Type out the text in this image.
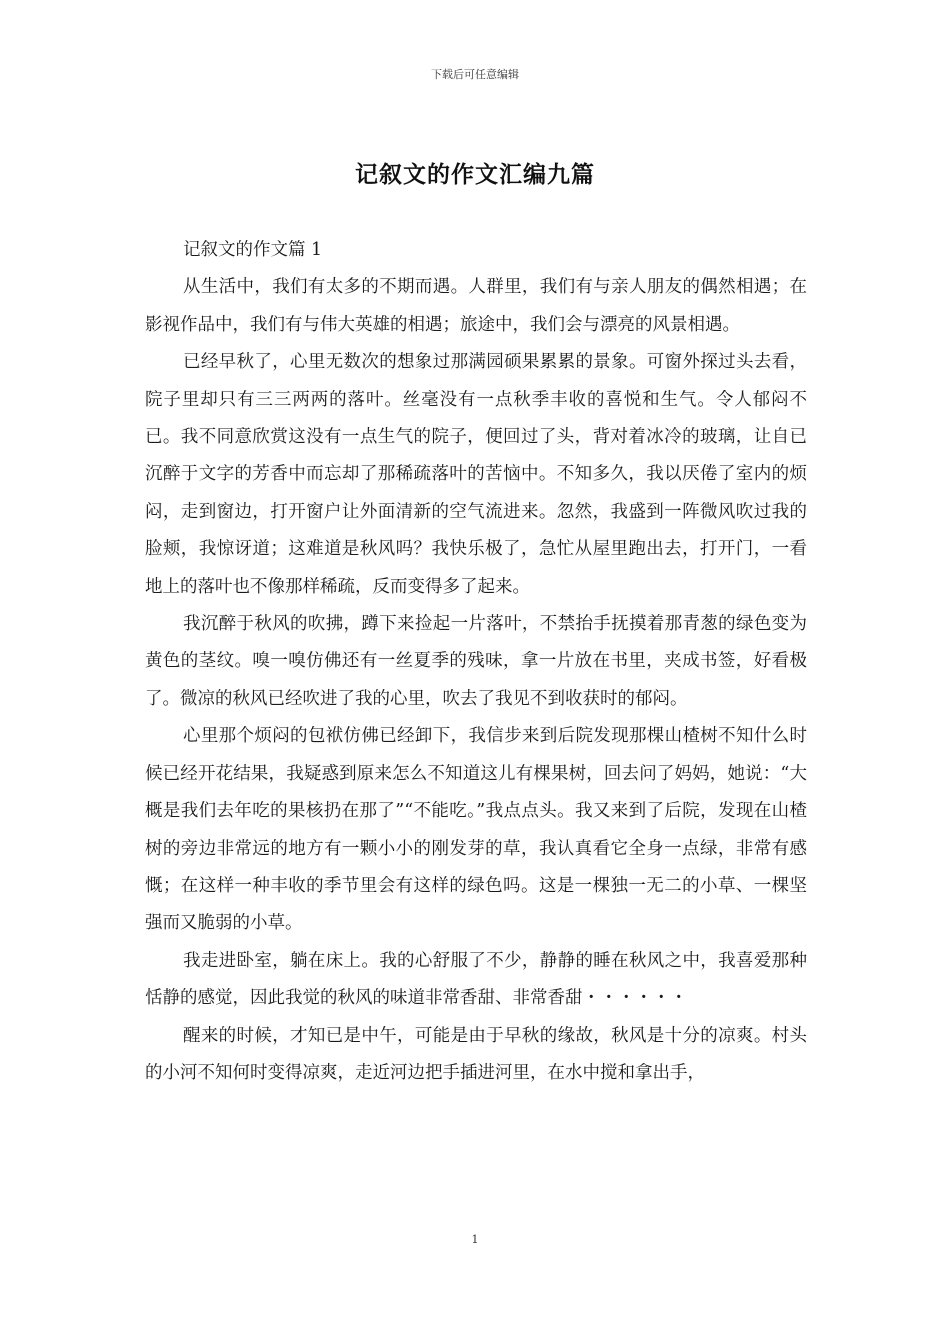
下载后可任意编辑
记叙文的作文汇编九篇

记叙文的作文篇 1

从生活中，我们有太多的不期而遇。人群里，我们有与亲人朋友的偶然相遇；在影视作品中，我们有与伟大英雄的相遇；旅途中，我们会与漂亮的风景相遇。

已经早秋了，心里无数次的想象过那满园硕果累累的景象。可窗外探过头去看，院子里却只有三三两两的落叶。丝毫没有一点秋季丰收的喜悦和生气。令人郁闷不已。我不同意欣赏这没有一点生气的院子，便回过了头，背对着冰冷的玻璃，让自已沉醉于文字的芳香中而忘却了那稀疏落叶的苦恼中。不知多久，我以厌倦了室内的烦闷，走到窗边，打开窗户让外面清新的空气流进来。忽然，我盛到一阵微风吹过我的脸颊，我惊讶道；这难道是秋风吗？我快乐极了，急忙从屋里跑出去，打开门，一看地上的落叶也不像那样稀疏，反而变得多了起来。

我沉醉于秋风的吹拂，蹲下来捡起一片落叶，不禁抬手抚摸着那青葱的绿色变为黄色的茎纹。嗅一嗅仿佛还有一丝夏季的残味，拿一片放在书里，夹成书签，好看极了。微凉的秋风已经吹进了我的心里，吹去了我见不到收获时的郁闷。

心里那个烦闷的包袱仿佛已经卸下，我信步来到后院发现那棵山楂树不知什么时候已经开花结果，我疑惑到原来怎么不知道这儿有棵果树，回去问了妈妈，她说：“大概是我们去年吃的果核扔在那了”“不能吃。”我点点头。我又来到了后院，发现在山楂树的旁边非常远的地方有一颗小小的刚发芽的草，我认真看它全身一点绿，非常有感慨；在这样一种丰收的季节里会有这样的绿色吗。这是一棵独一无二的小草、一棵坚强而又脆弱的小草。

我走进卧室，躺在床上。我的心舒服了不少，静静的睡在秋风之中，我喜爱那种恬静的感觉，因此我觉的秋风的味道非常香甜、非常香甜・・・・・・

醒来的时候，才知已是中午，可能是由于早秋的缘故，秋风是十分的凉爽。村头的小河不知何时变得凉爽，走近河边把手插进河里，在水中搅和拿出手，

1
